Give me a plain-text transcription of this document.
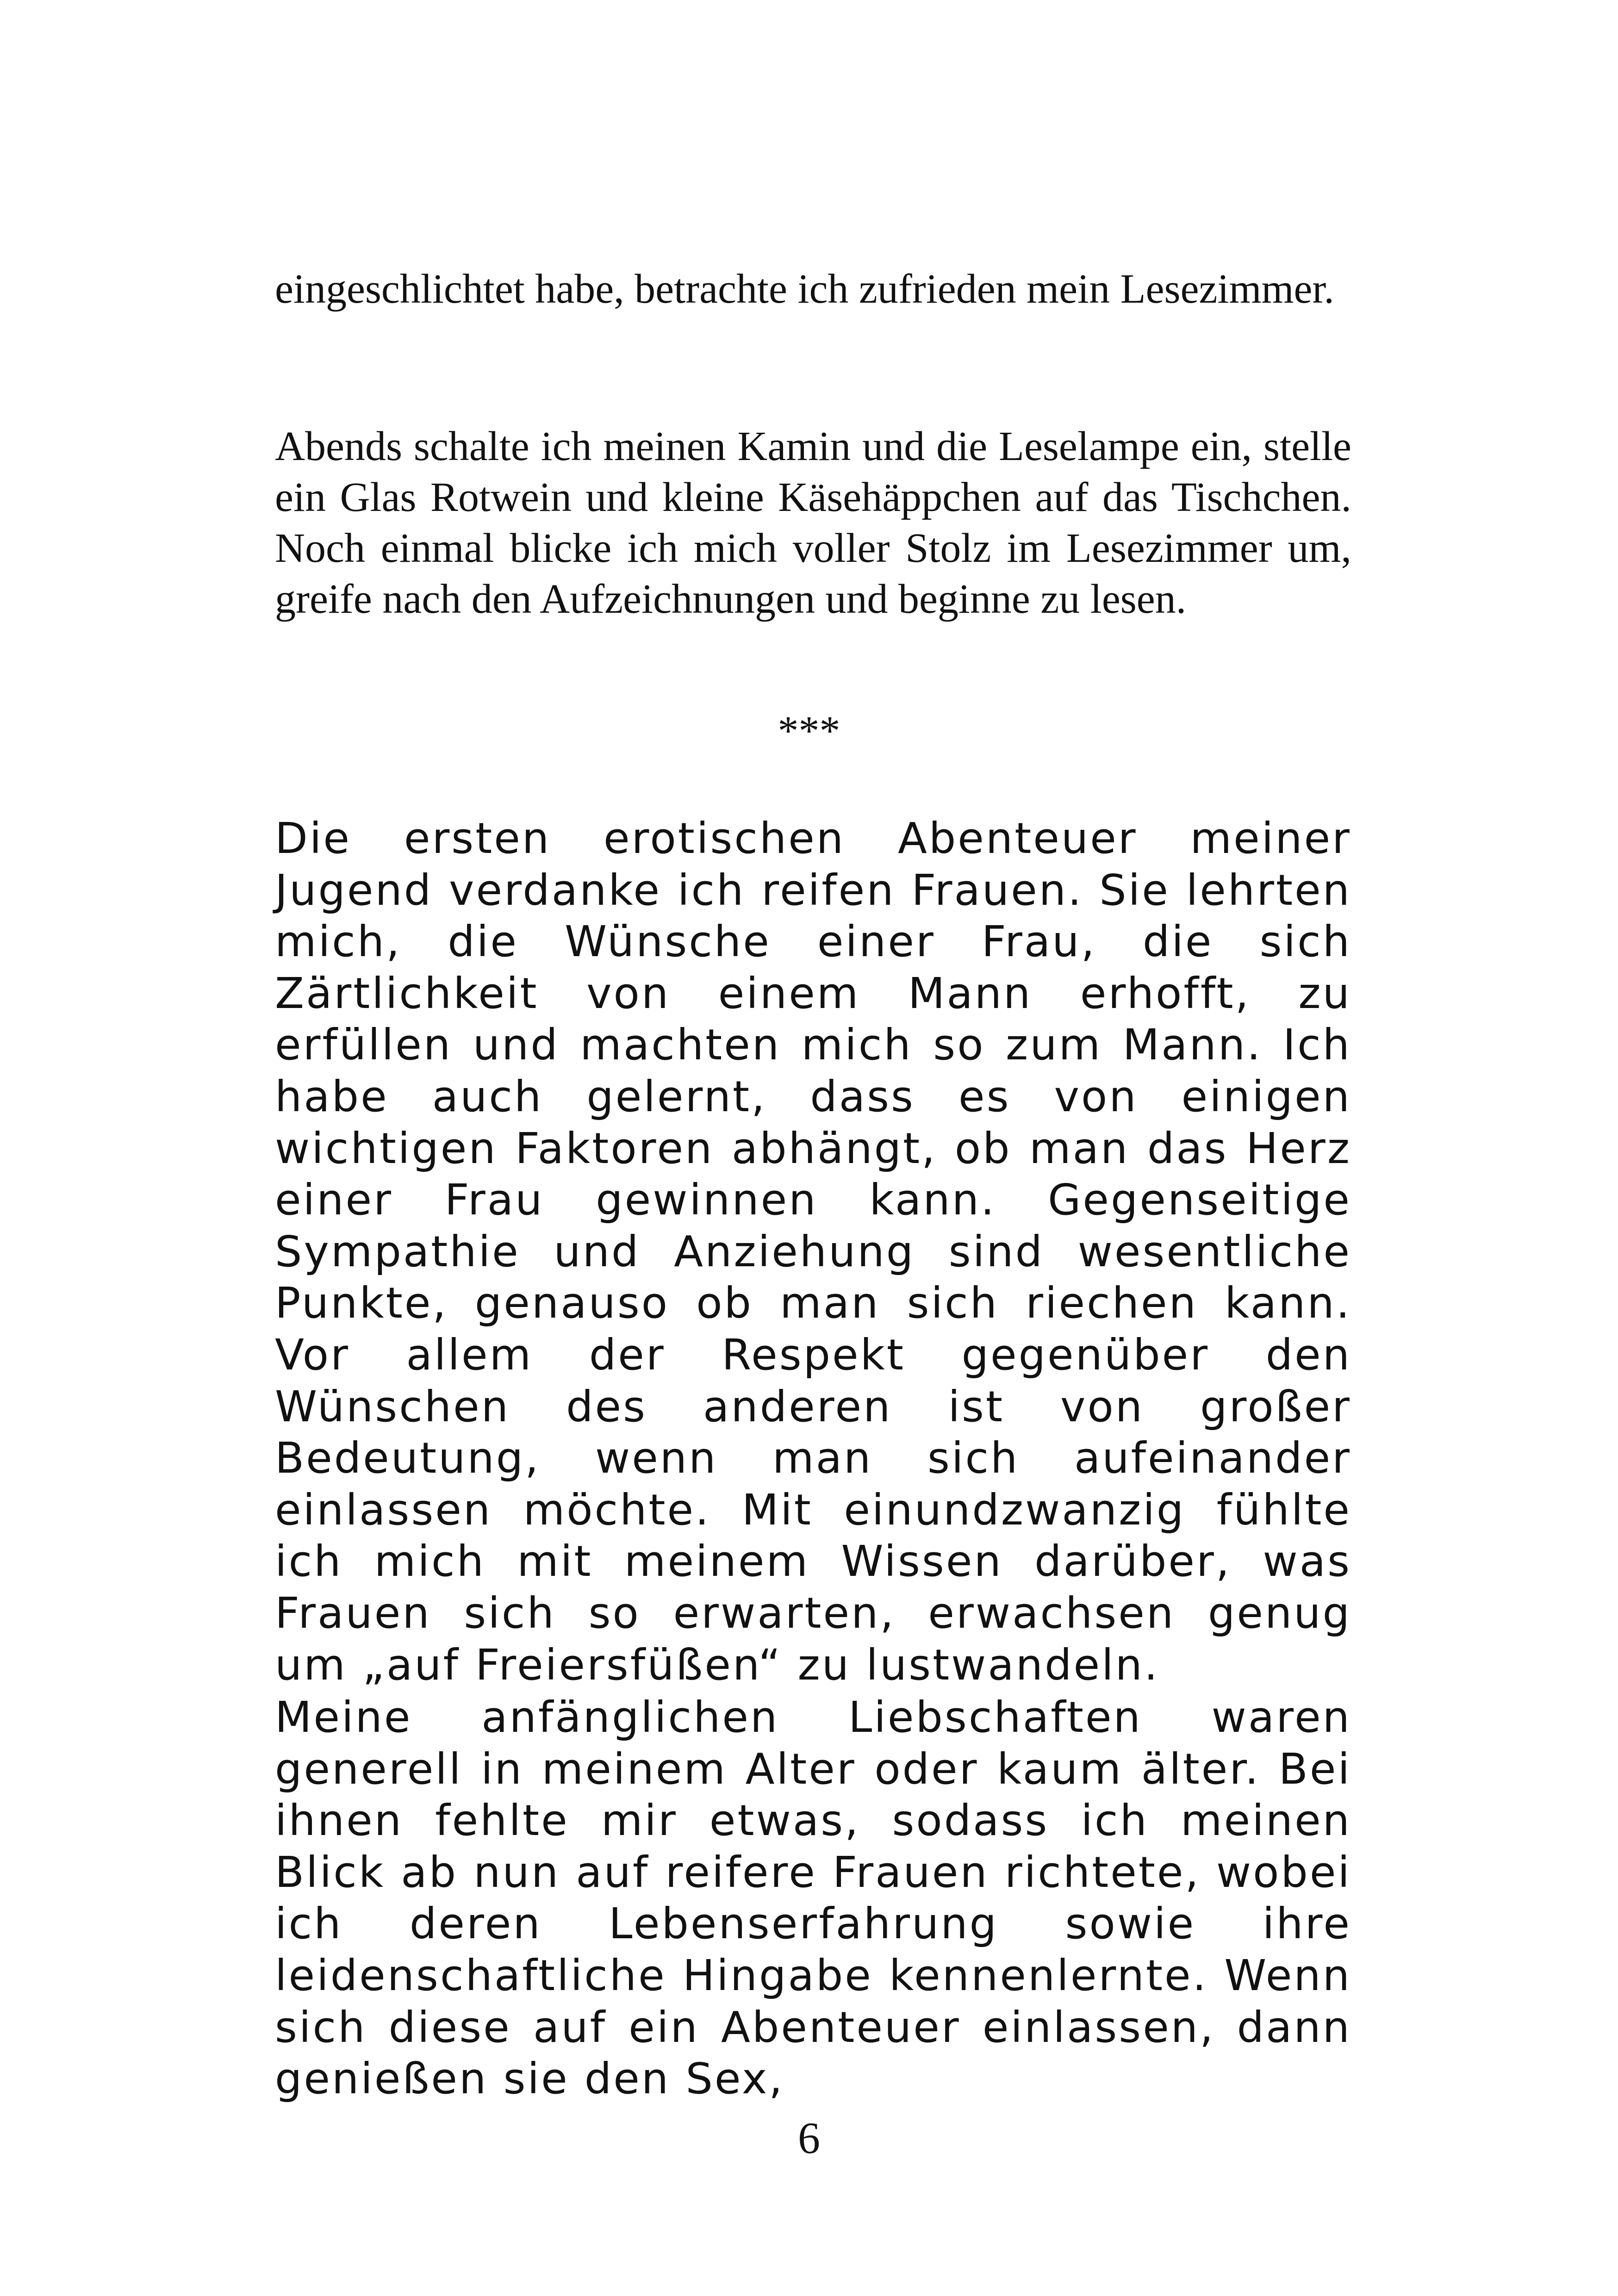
eingeschlichtet habe, betrachte ich zufrieden mein Lesezimmer.

Abends schalte ich meinen Kamin und die Leselampe ein, stelle ein Glas Rotwein und kleine Käsehäppchen auf das Tischchen. Noch einmal blicke ich mich voller Stolz im Lesezimmer um, greife nach den Aufzeichnungen und beginne zu lesen.

***

Die ersten erotischen Abenteuer meiner Jugend verdanke ich reifen Frauen. Sie lehrten mich, die Wünsche einer Frau, die sich Zärtlichkeit von einem Mann erhofft, zu erfüllen und machten mich so zum Mann. Ich habe auch gelernt, dass es von einigen wichtigen Faktoren abhängt, ob man das Herz einer Frau gewinnen kann. Gegenseitige Sympathie und Anziehung sind wesentliche Punkte, genauso ob man sich riechen kann. Vor allem der Respekt gegenüber den Wünschen des anderen ist von großer Bedeutung, wenn man sich aufeinander einlassen möchte. Mit einundzwanzig fühlte ich mich mit meinem Wissen darüber, was Frauen sich so erwarten, erwachsen genug um „auf Freiersfüßen“ zu lustwandeln.

Meine anfänglichen Liebschaften waren generell in meinem Alter oder kaum älter. Bei ihnen fehlte mir etwas, sodass ich meinen Blick ab nun auf reifere Frauen richtete, wobei ich deren Lebenserfahrung sowie ihre leidenschaftliche Hingabe kennenlernte. Wenn sich diese auf ein Abenteuer einlassen, dann genießen sie den Sex,

6
